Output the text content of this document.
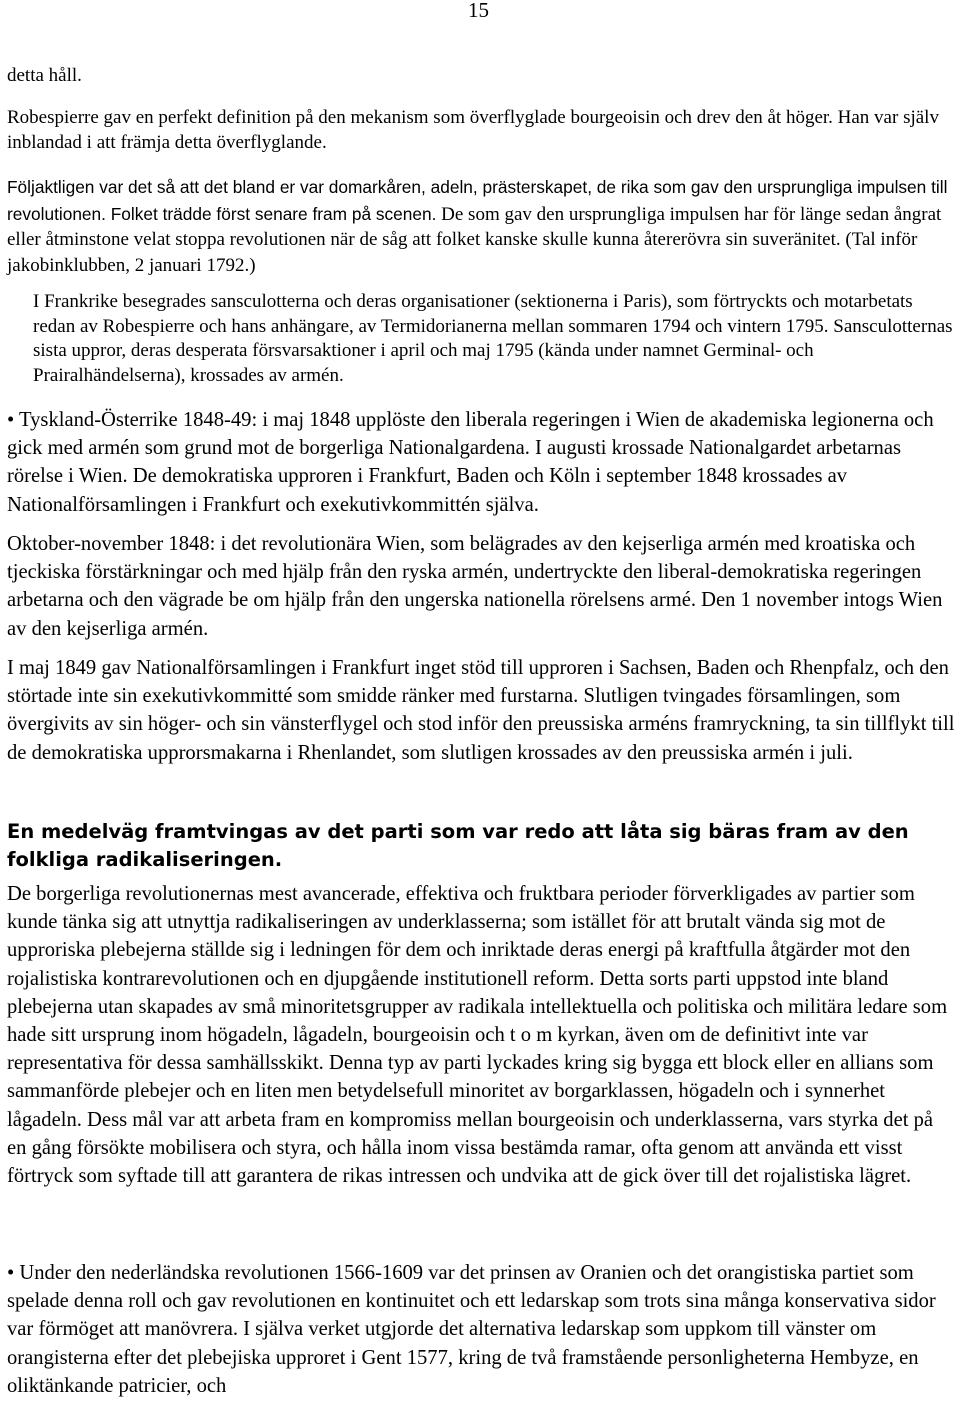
15

detta håll.

Robespierre gav en perfekt definition på den mekanism som överflyglade bourgeoisin och drev den åt höger. Han var själv inblandad i att främja detta överflyglande.

Följaktligen var det så att det bland er var domarkåren, adeln, prästerskapet, de rika som gav den ursprungliga impulsen till revolutionen. Folket trädde först senare fram på scenen. De som gav den ursprungliga impulsen har för länge sedan ångrat eller åtminstone velat stoppa revolutionen när de såg att folket kanske skulle kunna återerövra sin suveränitet. (Tal inför jakobinklubben, 2 januari 1792.)

I Frankrike besegrades sansculotterna och deras organisationer (sektionerna i Paris), som förtryckts och motarbetats redan av Robespierre och hans anhängare, av Termidorianerna mellan sommaren 1794 och vintern 1795. Sansculotternas sista uppror, deras desperata försvarsaktioner i april och maj 1795 (kända under namnet Germinal- och Prairalhändelserna), krossades av armén.

• Tyskland-Österrike 1848-49: i maj 1848 upplöste den liberala regeringen i Wien de akademiska legionerna och gick med armén som grund mot de borgerliga Nationalgardena. I augusti krossade Nationalgardet arbetarnas rörelse i Wien. De demokratiska upproren i Frankfurt, Baden och Köln i september 1848 krossades av Nationalförsamlingen i Frankfurt och exekutivkommittén själva.

Oktober-november 1848: i det revolutionära Wien, som belägrades av den kejserliga armén med kroatiska och tjeckiska förstärkningar och med hjälp från den ryska armén, undertryckte den liberal-demokratiska regeringen arbetarna och den vägrade be om hjälp från den ungerska nationella rörelsens armé. Den 1 november intogs Wien av den kejserliga armén.

I maj 1849 gav Nationalförsamlingen i Frankfurt inget stöd till upproren i Sachsen, Baden och Rhenpfalz, och den störtade inte sin exekutivkommitté som smidde ränker med furstarna. Slutligen tvingades församlingen, som övergivits av sin höger- och sin vänsterflygel och stod inför den preussiska arméns framryckning, ta sin tillflykt till de demokratiska upprorsmakarna i Rhenlandet, som slutligen krossades av den preussiska armén i juli.

En medelväg framtvingas av det parti som var redo att låta sig bäras fram av den folkliga radikaliseringen.

De borgerliga revolutionernas mest avancerade, effektiva och fruktbara perioder förverkligades av partier som kunde tänka sig att utnyttja radikaliseringen av underklasserna; som istället för att brutalt vända sig mot de upproriska plebejerna ställde sig i ledningen för dem och inriktade deras energi på kraftfulla åtgärder mot den rojalistiska kontrarevolutionen och en djupgående institutionell reform. Detta sorts parti uppstod inte bland plebejerna utan skapades av små minoritetsgrupper av radikala intellektuella och politiska och militära ledare som hade sitt ursprung inom högadeln, lågadeln, bourgeoisin och t o m kyrkan, även om de definitivt inte var representativa för dessa samhällsskikt. Denna typ av parti lyckades kring sig bygga ett block eller en allians som sammanförde plebejer och en liten men betydelsefull minoritet av borgarklassen, högadeln och i synnerhet lågadeln. Dess mål var att arbeta fram en kompromiss mellan bourgeoisin och underklasserna, vars styrka det på en gång försökte mobilisera och styra, och hålla inom vissa bestämda ramar, ofta genom att använda ett visst förtryck som syftade till att garantera de rikas intressen och undvika att de gick över till det rojalistiska lägret.

• Under den nederländska revolutionen 1566-1609 var det prinsen av Oranien och det orangistiska partiet som spelade denna roll och gav revolutionen en kontinuitet och ett ledarskap som trots sina många konservativa sidor var förmöget att manövrera. I själva verket utgjorde det alternativa ledarskap som uppkom till vänster om orangisterna efter det plebejiska upproret i Gent 1577, kring de två framstående personligheterna Hembyze, en oliktänkande patricier, och
